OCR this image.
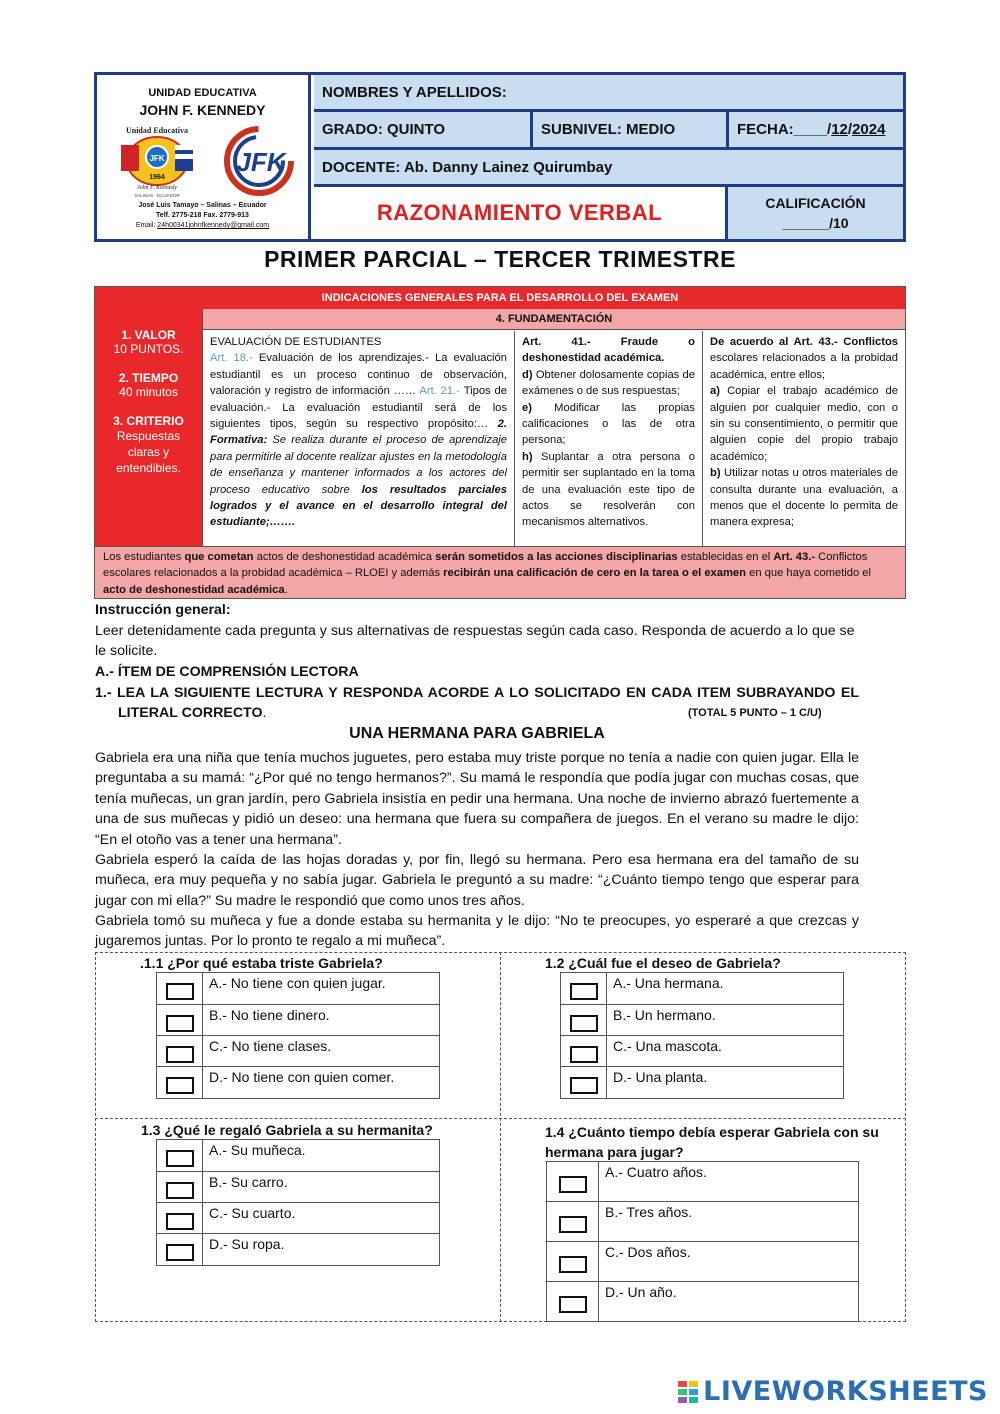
UNIDAD EDUCATIVA
JOHN F. KENNEDY
Unidad Educativa
JFK
1964
John F. Kennedy
SALINAS - ECUADOR
JFK
José Luis Tamayo – Salinas – Ecuador
Telf. 2775-218 Fax. 2779-913
Email: 24h00341johnfkennedy@gmail.com
NOMBRES Y APELLIDOS:
GRADO: QUINTO	SUBNIVEL: MEDIO	FECHA: ____ / 12 / 2024
DOCENTE: Ab. Danny Lainez Quirumbay
RAZONAMIENTO VERBAL	CALIFICACIÓN
______/10
PRIMER PARCIAL – TERCER TRIMESTRE
INDICACIONES GENERALES PARA EL DESARROLLO DEL EXAMEN
1. VALOR
10 PUNTOS.
2. TIEMPO
40 minutos
3. CRITERIO
Respuestas claras y entendibles.
4. FUNDAMENTACIÓN
EVALUACIÓN DE ESTUDIANTES
Art. 18.- Evaluación de los aprendizajes.- La evaluación estudiantil es un proceso continuo de observación, valoración y registro de información …… Art. 21.- Tipos de evaluación.- La evaluación estudiantil será de los siguientes tipos, según su respectivo propósito:… 2. Formativa: Se realiza durante el proceso de aprendizaje para permitirle al docente realizar ajustes en la metodología de enseñanza y mantener informados a los actores del proceso educativo sobre los resultados parciales logrados y el avance en el desarrollo integral del estudiante;…….
Art. 41.- Fraude o deshonestidad académica.
d) Obtener dolosamente copias de exámenes o de sus respuestas;
e) Modificar las propias calificaciones o las de otra persona;
h) Suplantar a otra persona o permitir ser suplantado en la toma de una evaluación este tipo de actos se resolverán con mecanismos alternativos.
De acuerdo al Art. 43.- Conflictos escolares relacionados a la probidad académica, entre ellos;
a) Copiar el trabajo académico de alguien por cualquier medio, con o sin su consentimiento, o permitir que alguien copie del propio trabajo académico;
b) Utilizar notas u otros materiales de consulta durante una evaluación, a menos que el docente lo permita de manera expresa;
Los estudiantes que cometan actos de deshonestidad académica serán sometidos a las acciones disciplinarias establecidas en el Art. 43.- Conflictos escolares relacionados a la probidad académica – RLOEI y además recibirán una calificación de cero en la tarea o el examen en que haya cometido el acto de deshonestidad académica.
Instrucción general:
Leer detenidamente cada pregunta y sus alternativas de respuestas según cada caso. Responda de acuerdo a lo que se le solicite.
A.- ÍTEM DE COMPRENSIÓN LECTORA
1.- LEA LA SIGUIENTE LECTURA Y RESPONDA ACORDE A LO SOLICITADO EN CADA ITEM SUBRAYANDO EL
LITERAL CORRECTO.	(TOTAL 5 PUNTO – 1 C/U)
UNA HERMANA PARA GABRIELA
Gabriela era una niña que tenía muchos juguetes, pero estaba muy triste porque no tenía a nadie con quien jugar. Ella le preguntaba a su mamá: “¿Por qué no tengo hermanos?”. Su mamá le respondía que podía jugar con muchas cosas, que tenía muñecas, un gran jardín, pero Gabriela insistía en pedir una hermana. Una noche de invierno abrazó fuertemente a una de sus muñecas y pidió un deseo: una hermana que fuera su compañera de juegos. En el verano su madre le dijo: “En el otoño vas a tener una hermana”.
Gabriela esperó la caída de las hojas doradas y, por fin, llegó su hermana. Pero esa hermana era del tamaño de su muñeca, era muy pequeña y no sabía jugar. Gabriela le preguntó a su madre: “¿Cuánto tiempo tengo que esperar para jugar con mi ella?” Su madre le respondió que como unos tres años.
Gabriela tomó su muñeca y fue a donde estaba su hermanita y le dijo: “No te preocupes, yo esperaré a que crezcas y jugaremos juntas. Por lo pronto te regalo a mi muñeca”.
.1.1 ¿Por qué estaba triste Gabriela?
	A.- No tiene con quien jugar.

	B.- No tiene dinero.

	C.- No tiene clases.

	D.- No tiene con quien comer.
1.2 ¿Cuál fue el deseo de Gabriela?
	A.- Una hermana.

	B.- Un hermano.

	C.- Una mascota.

	D.- Una planta.
1.3 ¿Qué le regaló Gabriela a su hermanita?
	A.- Su muñeca.

	B.- Su carro.

	C.- Su cuarto.

	D.- Su ropa.
1.4 ¿Cuánto tiempo debía esperar Gabriela con su
hermana para jugar?
	A.- Cuatro años.

	B.- Tres años.

	C.- Dos años.

	D.- Un año.
LIVEWORKSHEETS
